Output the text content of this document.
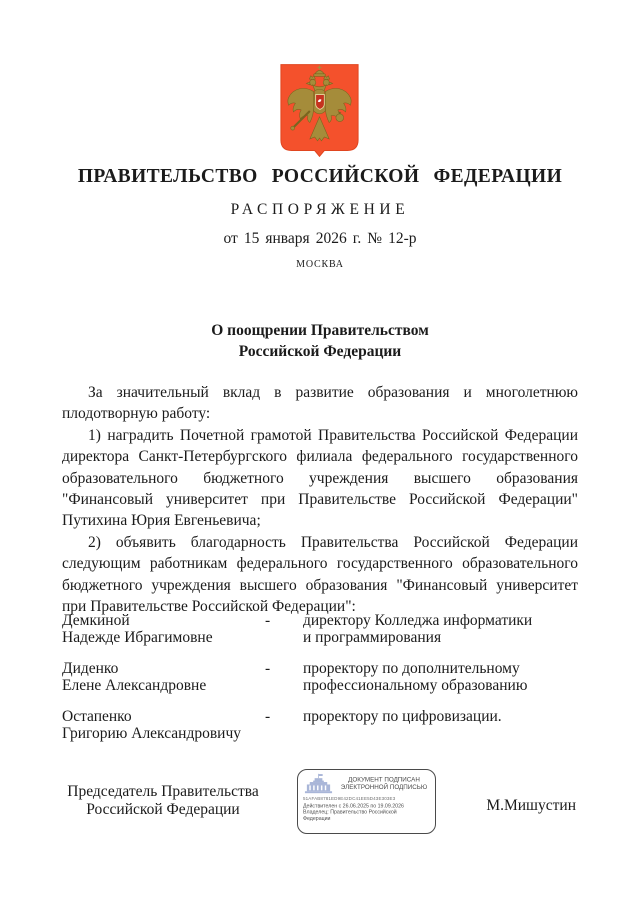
ПРАВИТЕЛЬСТВО РОССИЙСКОЙ ФЕДЕРАЦИИ
РАСПОРЯЖЕНИЕ
от 15 января 2026 г. № 12-р
МОСКВА
О поощрении Правительством
Российской Федерации

За значительный вклад в развитие образования и многолетнюю плодотворную работу:

1) наградить Почетной грамотой Правительства Российской Федерации директора Санкт-Петербургского филиала федерального государственного образовательного бюджетного учреждения высшего образования "Финансовый университет при Правительстве Российской Федерации" Путихина Юрия Евгеньевича;

2) объявить благодарность Правительства Российской Федерации следующим работникам федерального государственного образовательного бюджетного учреждения высшего образования "Финансовый университет при Правительстве Российской Федерации":

Демкиной
Надежде Ибрагимовне
-	директору Колледжа информатики
и программирования
Диденко
Елене Александровне
-	проректору по дополнительному
профессиональному образованию
Остапенко
Григорию Александровичу
-	проректору по цифровизации.
Председатель Правительства
Российской Федерации
ДОКУМЕНТ ПОДПИСАН
ЭЛЕКТРОННОЙ ПОДПИСЬЮ
51AFAB8781ED9E42DC41EE5D43E303E3
Действителен с 26.06.2025 по 19.09.2026
Владелец: Правительство Российской
Федерации
М.Мишустин
